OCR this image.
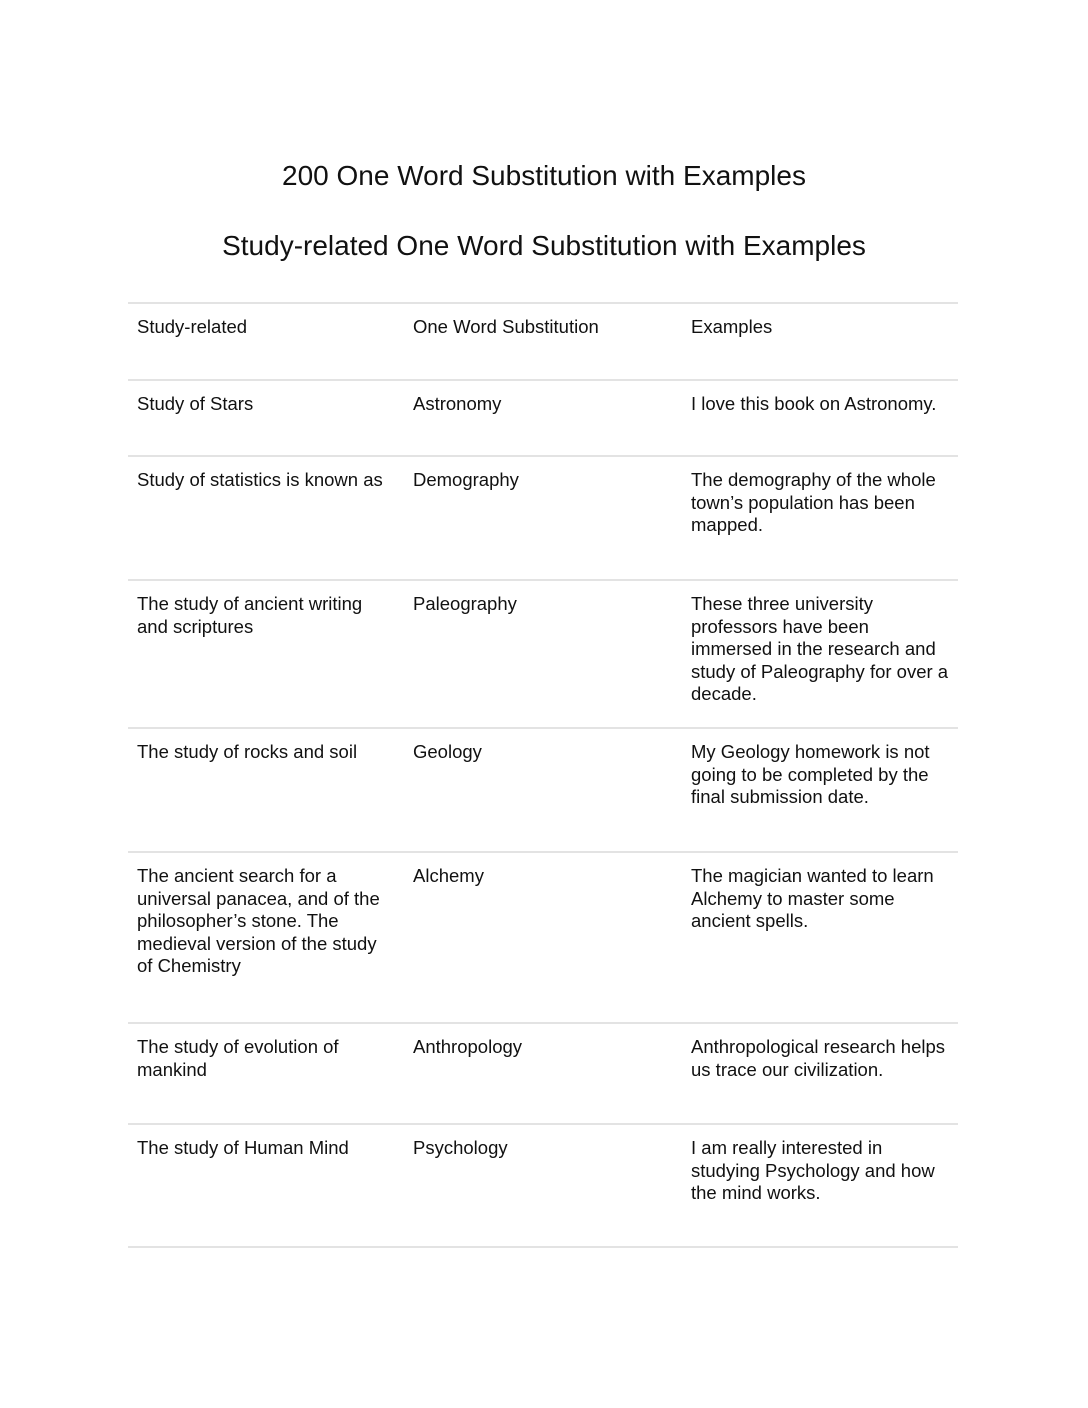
200 One Word Substitution with Examples
Study-related One Word Substitution with Examples
Study-related	One Word Substitution	Examples
Study of Stars	Astronomy	I love this book on Astronomy.
Study of statistics is known as	Demography	The demography of the whole town’s population has been mapped.
The study of ancient writing and scriptures	Paleography	These three university professors have been immersed in the research and study of Paleography for over a decade.
The study of rocks and soil	Geology	My Geology homework is not going to be completed by the final submission date.
The ancient search for a universal panacea, and of the philosopher’s stone. The medieval version of the study of Chemistry	Alchemy	The magician wanted to learn Alchemy to master some ancient spells.
The study of evolution of mankind	Anthropology	Anthropological research helps us trace our civilization.
The study of Human Mind	Psychology	I am really interested in studying Psychology and how the mind works.
